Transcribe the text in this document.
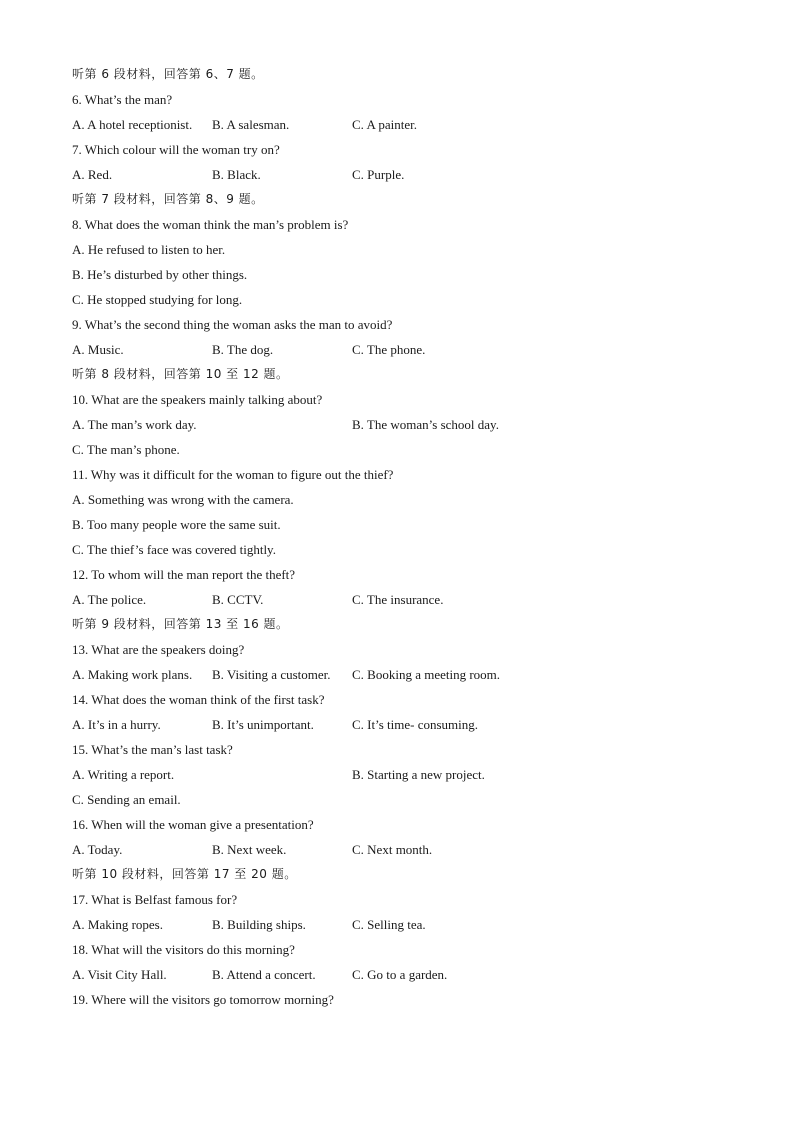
听第 6 段材料，回答第 6、7 题。
6. What’s the man?
A. A hotel receptionist. B. A salesman.	C. A painter.
7. Which colour will the woman try on?
A. Red.	B. Black.	C. Purple.
听第 7 段材料，回答第 8、9 题。
8. What does the woman think the man’s problem is?
A. He refused to listen to her.
B. He’s disturbed by other things.
C. He stopped studying for long.
9. What’s the second thing the woman asks the man to avoid?
A. Music.	B. The dog.	C. The phone.
听第 8 段材料，回答第 10 至 12 题。
10. What are the speakers mainly talking about?
A. The man’s work day.	B. The woman’s school day.
C. The man’s phone.
11. Why was it difficult for the woman to figure out the thief?
A. Something was wrong with the camera.
B. Too many people wore the same suit.
C. The thief’s face was covered tightly.
12. To whom will the man report the theft?
A. The police.	B. CCTV.	C. The insurance.
听第 9 段材料，回答第 13 至 16 题。
13. What are the speakers doing?
A. Making work plans. B. Visiting a customer. C. Booking a meeting room.
14. What does the woman think of the first task?
A. It’s in a hurry.	B. It’s unimportant.	C. It’s time- consuming.
15. What’s the man’s last task?
A. Writing a report.	B. Starting a new project.
C. Sending an email.
16. When will the woman give a presentation?
A. Today.	B. Next week.	C. Next month.
听第 10 段材料，回答第 17 至 20 题。
17. What is Belfast famous for?
A. Making ropes.	B. Building ships.	C. Selling tea.
18. What will the visitors do this morning?
A. Visit City Hall.	B. Attend a concert.	C. Go to a garden.
19. Where will the visitors go tomorrow morning?
